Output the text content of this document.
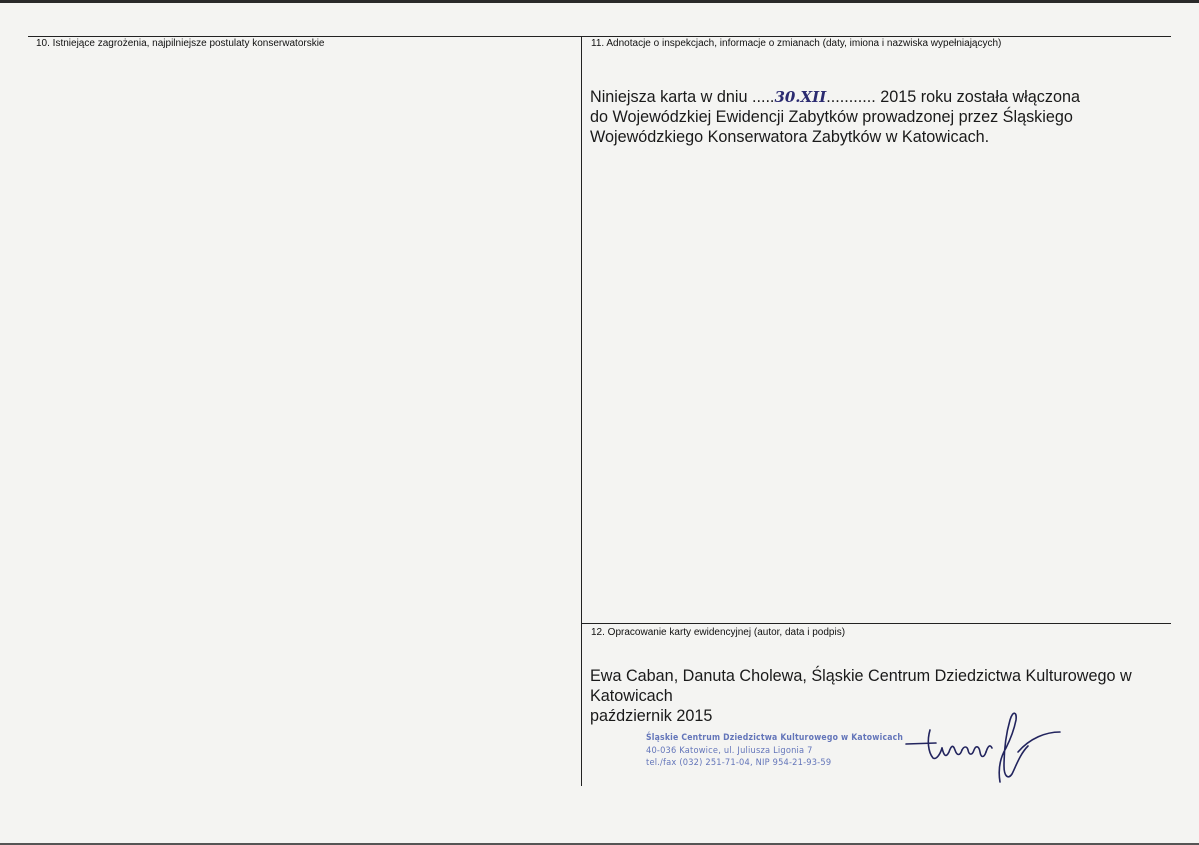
10. Istniejące zagrożenia, najpilniejsze postulaty konserwatorskie	11. Adnotacje o inspekcjach, informacje o zmianach (daty, imiona i nazwiska wypełniających)
Niniejsza karta w dniu .....30.XII........... 2015 roku została włączona
do Wojewódzkiej Ewidencji Zabytków prowadzonej przez Śląskiego
Wojewódzkiego Konserwatora Zabytków w Katowicach.
12. Opracowanie karty ewidencyjnej (autor, data i podpis)
Ewa Caban, Danuta Cholewa, Śląskie Centrum Dziedzictwa Kulturowego w
Katowicach
październik 2015
Śląskie Centrum Dziedzictwa Kulturowego w Katowicach
40-036 Katowice, ul. Juliusza Ligonia 7
tel./fax (032) 251-71-04, NIP 954-21-93-59
